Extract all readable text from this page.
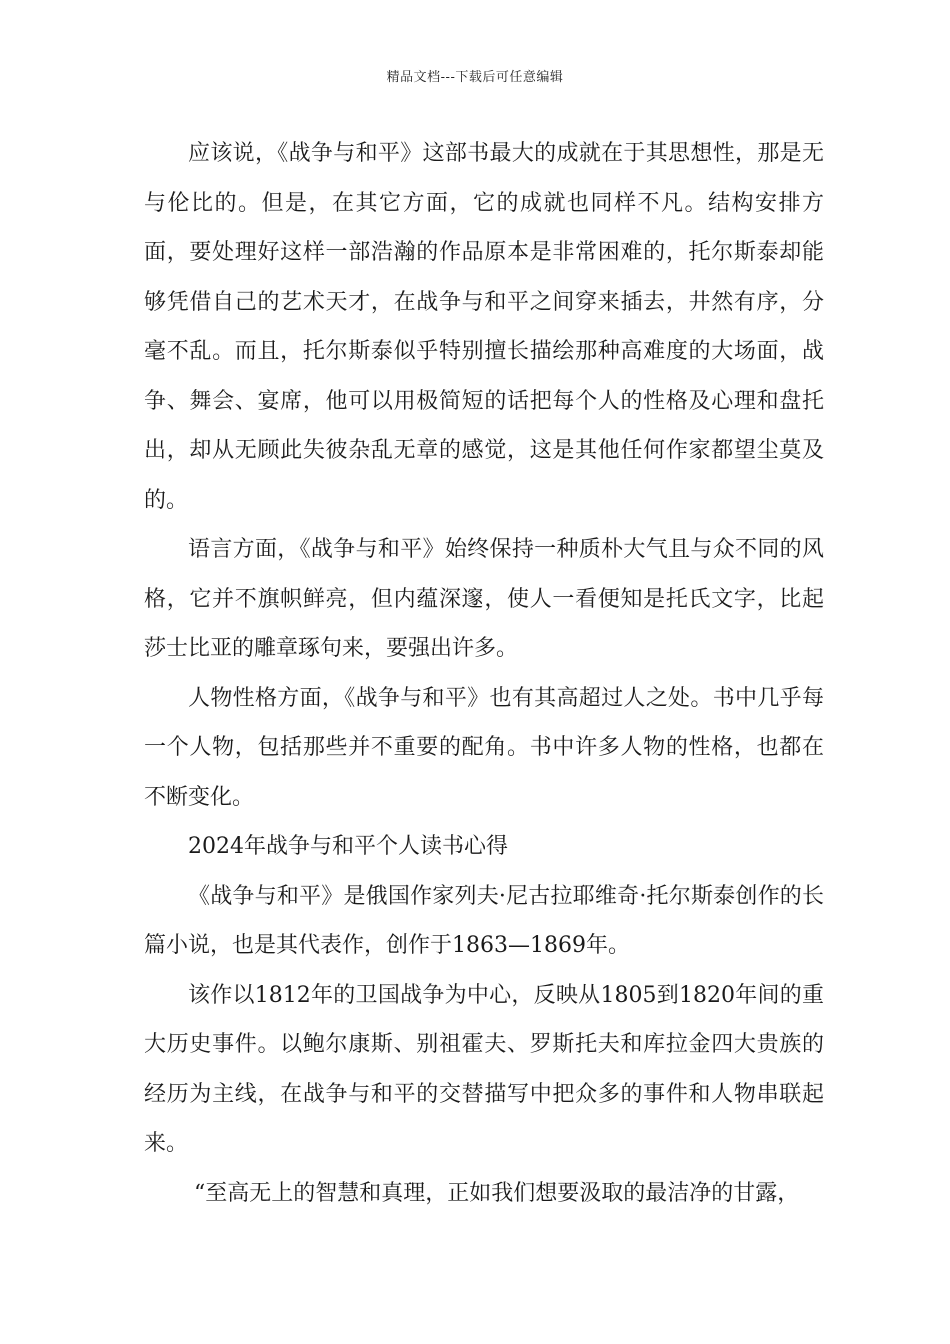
精品文档---下载后可任意编辑

应该说，《战争与和平》这部书最大的成就在于其思想性，那是无与伦比的。但是，在其它方面，它的成就也同样不凡。结构安排方面，要处理好这样一部浩瀚的作品原本是非常困难的，托尔斯泰却能够凭借自己的艺术天才，在战争与和平之间穿来插去，井然有序，分毫不乱。而且，托尔斯泰似乎特别擅长描绘那种高难度的大场面，战争、舞会、宴席，他可以用极简短的话把每个人的性格及心理和盘托出，却从无顾此失彼杂乱无章的感觉，这是其他任何作家都望尘莫及的。

语言方面，《战争与和平》始终保持一种质朴大气且与众不同的风格，它并不旗帜鲜亮，但内蕴深邃，使人一看便知是托氏文字，比起莎士比亚的雕章琢句来，要强出许多。

人物性格方面，《战争与和平》也有其高超过人之处。书中几乎每一个人物，包括那些并不重要的配角。书中许多人物的性格，也都在不断变化。

2024年战争与和平个人读书心得

《战争与和平》是俄国作家列夫·尼古拉耶维奇·托尔斯泰创作的长篇小说，也是其代表作，创作于1863—1869年。

该作以1812年的卫国战争为中心，反映从1805到1820年间的重大历史事件。以鲍尔康斯、别祖霍夫、罗斯托夫和库拉金四大贵族的经历为主线，在战争与和平的交替描写中把众多的事件和人物串联起来。

“至高无上的智慧和真理，正如我们想要汲取的最洁净的甘露，
